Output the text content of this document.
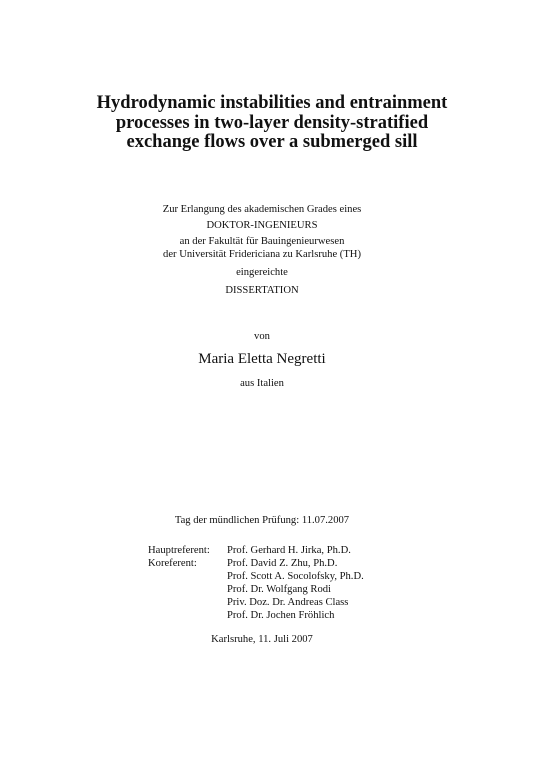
Hydrodynamic instabilities and entrainment
processes in two-layer density-stratified
exchange flows over a submerged sill
Zur Erlangung des akademischen Grades eines
DOKTOR-INGENIEURS
an der Fakultät für Bauingenieurwesen
der Universität Fridericiana zu Karlsruhe (TH)
eingereichte
DISSERTATION
von
Maria Eletta Negretti
aus Italien
Tag der mündlichen Prüfung: 11.07.2007
Hauptreferent:	Prof. Gerhard H. Jirka, Ph.D.
Koreferent:	Prof. David Z. Zhu, Ph.D.
Prof. Scott A. Socolofsky, Ph.D.
Prof. Dr. Wolfgang Rodi
Priv. Doz. Dr. Andreas Class
Prof. Dr. Jochen Fröhlich
Karlsruhe, 11. Juli 2007
